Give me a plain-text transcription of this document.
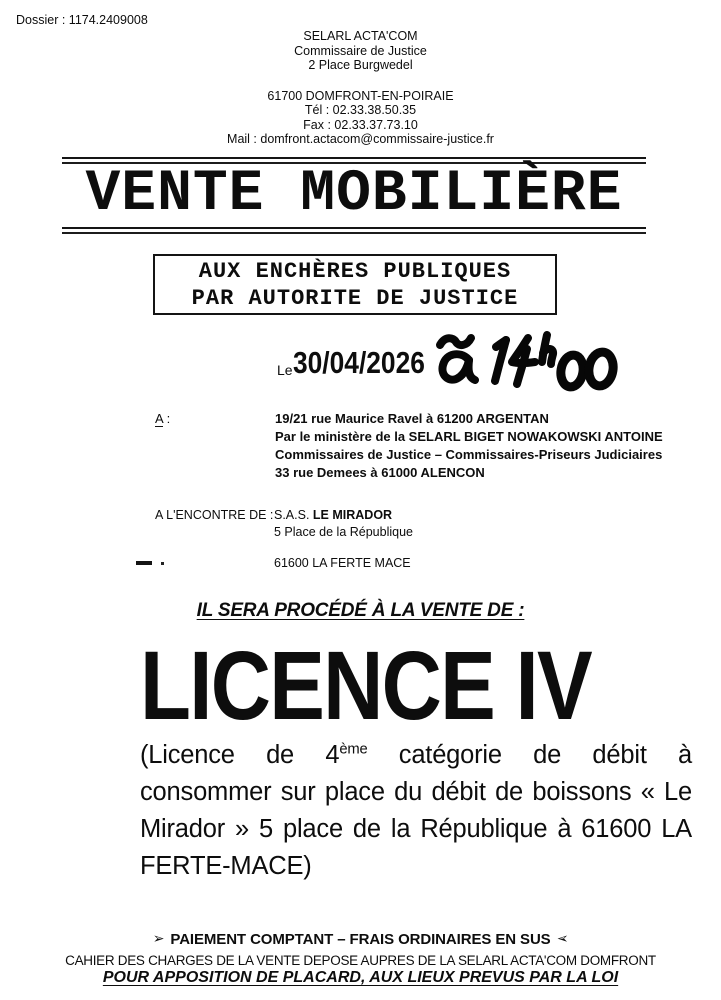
Dossier : 1174.2409008
SELARL ACTA'COM
Commissaire de Justice
2 Place Burgwedel
61700 DOMFRONT-EN-POIRAIE
Tél : 02.33.38.50.35
Fax : 02.33.37.73.10
Mail : domfront.actacom@commissaire-justice.fr
VENTE MOBILIÈRE
AUX ENCHÈRES PUBLIQUES
PAR AUTORITE DE JUSTICE
Le 30/04/2026
A :	19/21 rue Maurice Ravel à 61200 ARGENTAN
Par le ministère de la SELARL BIGET NOWAKOWSKI ANTOINE
Commissaires de Justice – Commissaires-Priseurs Judiciaires
33 rue Demees à 61000 ALENCON
A L'ENCONTRE DE : S.A.S. LE MIRADOR
5 Place de la République
61600 LA FERTE MACE
IL SERA PROCÉDÉ À LA VENTE DE :
LICENCE IV
(Licence de 4ème catégorie de débit à
consommer sur place du débit de boissons « Le
Mirador » 5 place de la République à 61600 LA
FERTE-MACE)
➢ PAIEMENT COMPTANT – FRAIS ORDINAIRES EN SUS ➢
CAHIER DES CHARGES DE LA VENTE DEPOSE AUPRES DE LA SELARL ACTA'COM DOMFRONT
POUR APPOSITION DE PLACARD, AUX LIEUX PREVUS PAR LA LOI
